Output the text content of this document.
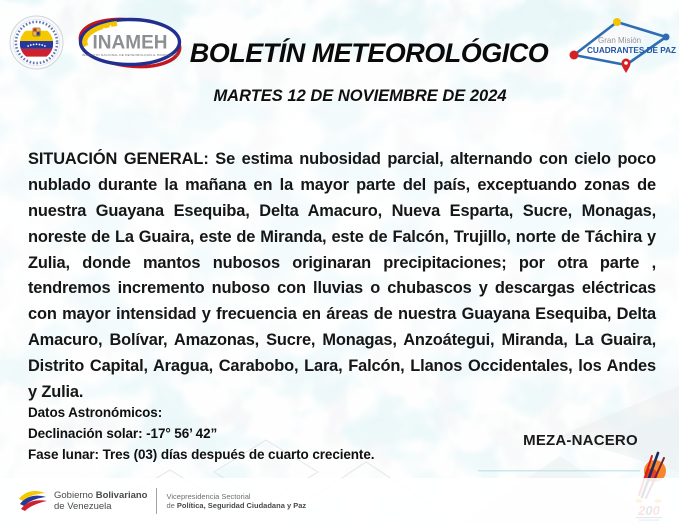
INAMEH
INSTITUTO NACIONAL DE METEOROLOGÍA E HIDROLOGÍA BOLETÍN METEOROLÓGICO	Gran Misión
CUADRANTES DE PAZ
MARTES 12 DE NOVIEMBRE DE 2024

SITUACIÓN GENERAL: Se estima nubosidad parcial, alternando con cielo poco nublado durante la mañana en la mayor parte del país, exceptuando zonas de nuestra Guayana Esequiba, Delta Amacuro, Nueva Esparta, Sucre, Monagas, noreste de La Guaira, este de Miranda, este de Falcón, Trujillo, norte de Táchira y Zulia, donde mantos nubosos originaran precipitaciones; por otra parte , tendremos incremento nuboso con lluvias o chubascos y descargas eléctricas con mayor intensidad y frecuencia en áreas de nuestra Guayana Esequiba, Delta Amacuro, Bolívar, Amazonas, Sucre, Monagas, Anzoátegui, Miranda, La Guaira, Distrito Capital, Aragua, Carabobo, Lara, Falcón, Llanos Occidentales, los Andes y Zulia.

Datos Astronómicos:
Declinación solar: -17° 56’ 42”
Fase lunar: Tres (03) días después de cuarto creciente.
MEZA-NACERO
Gobierno Bolivariano
de Venezuela
Vicepresidencia Sectorial
de Política, Seguridad Ciudadana y Paz
